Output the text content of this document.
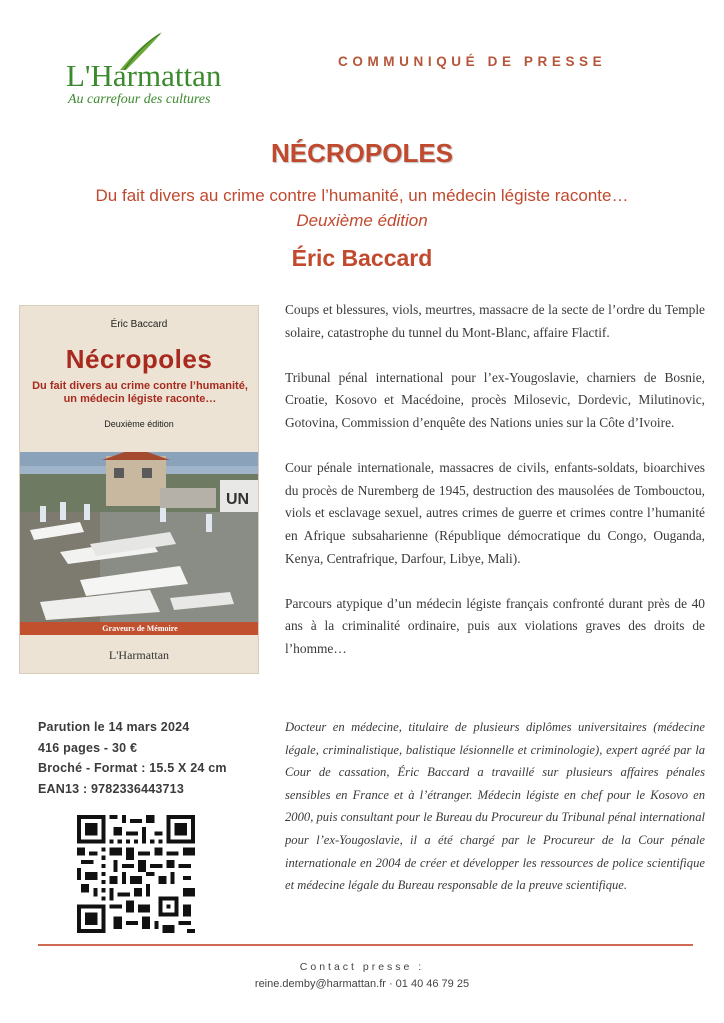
L'Harmattan
Au carrefour des cultures
COMMUNIQUÉ DE PRESSE
NÉCROPOLES
Du fait divers au crime contre l’humanité, un médecin légiste raconte…
Deuxième édition
Éric Baccard
Éric Baccard
Nécropoles
Du fait divers au crime contre l’humanité,
un médecin légiste raconte…
Deuxième édition
UN
Graveurs de Mémoire
L'Harmattan
Parution le 14 mars 2024
416 pages - 30 €
Broché - Format : 15.5 X 24 cm
EAN13 : 9782336443713

Coups et blessures, viols, meurtres, massacre de la secte de l’ordre du Temple solaire, catastrophe du tunnel du Mont-Blanc, affaire Flactif.

Tribunal pénal international pour l’ex-Yougoslavie, charniers de Bosnie, Croatie, Kosovo et Macédoine, procès Milosevic, Dordevic, Milutinovic, Gotovina, Commission d’enquête des Nations unies sur la Côte d’Ivoire.

Cour pénale internationale, massacres de civils, enfants-soldats, bioarchives du procès de Nuremberg de 1945, destruction des mausolées de Tombouctou, viols et esclavage sexuel, autres crimes de guerre et crimes contre l’humanité en Afrique subsaharienne (République démocratique du Congo, Ouganda, Kenya, Centrafrique, Darfour, Libye, Mali).

Parcours atypique d’un médecin légiste français confronté durant près de 40 ans à la criminalité ordinaire, puis aux violations graves des droits de l’homme…

Docteur en médecine, titulaire de plusieurs diplômes universitaires (médecine légale, criminalistique, balistique lésionnelle et criminologie), expert agréé par la Cour de cassation, Éric Baccard a travaillé sur plusieurs affaires pénales sensibles en France et à l’étranger. Médecin légiste en chef pour le Kosovo en 2000, puis consultant pour le Bureau du Procureur du Tribunal pénal international pour l’ex-Yougoslavie, il a été chargé par le Procureur de la Cour pénale internationale en 2004 de créer et développer les ressources de police scientifique et médecine légale du Bureau responsable de la preuve scientifique.
Contact presse :
reine.demby@harmattan.fr · 01 40 46 79 25
